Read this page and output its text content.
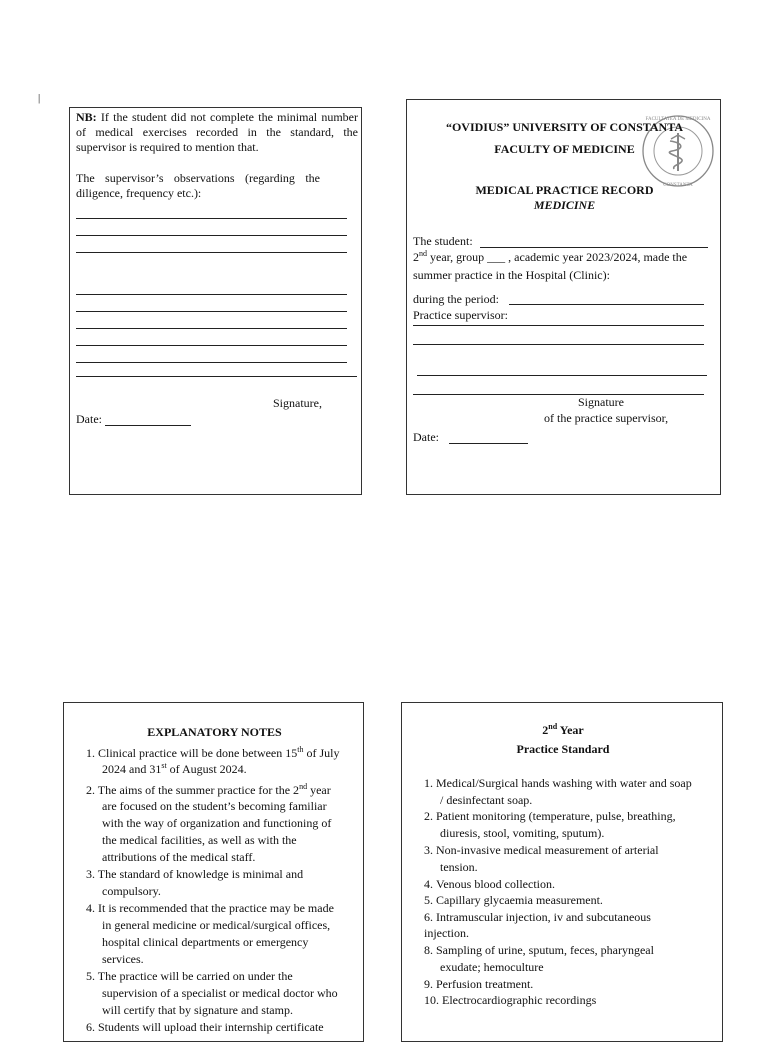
|
NB: If the student did not complete the minimal number of medical exercises recorded in the standard, the supervisor is required to mention that.
The supervisor’s observations (regarding the diligence, frequency etc.):
Signature,
Date:
FACULTATEA DE MEDICINA
CONSTANTA
“OVIDIUS” UNIVERSITY OF CONSTANTA
FACULTY OF MEDICINE
MEDICAL PRACTICE RECORD
MEDICINE
The student:
2nd year, group ___ , academic year 2023/2024, made the
summer practice in the Hospital (Clinic):
during the period:
Practice supervisor:
Signature
of the practice supervisor,
Date:
EXPLANATORY NOTES
1. Clinical practice will be done between 15th of July
2024 and 31st of August 2024.
2. The aims of the summer practice for the 2nd year
are focused on the student’s becoming familiar
with the way of organization and functioning of
the medical facilities, as well as with the
attributions of the medical staff.
3. The standard of knowledge is minimal and
compulsory.
4. It is recommended that the practice may be made
in general medicine or medical/surgical offices,
hospital clinical departments or emergency
services.
5. The practice will be carried on under the
supervision of a specialist or medical doctor who
will certify that by signature and stamp.
6. Students will upload their internship certificate
2nd Year
Practice Standard
1. Medical/Surgical hands washing with water and soap
/ desinfectant soap.
2. Patient monitoring (temperature, pulse, breathing,
diuresis, stool, vomiting, sputum).
3. Non-invasive medical measurement of arterial
tension.
4. Venous blood collection.
5. Capillary glycaemia measurement.
6. Intramuscular injection, iv and subcutaneous
injection.
8. Sampling of urine, sputum, feces, pharyngeal
exudate; hemoculture
9. Perfusion treatment.
10. Electrocardiographic recordings
